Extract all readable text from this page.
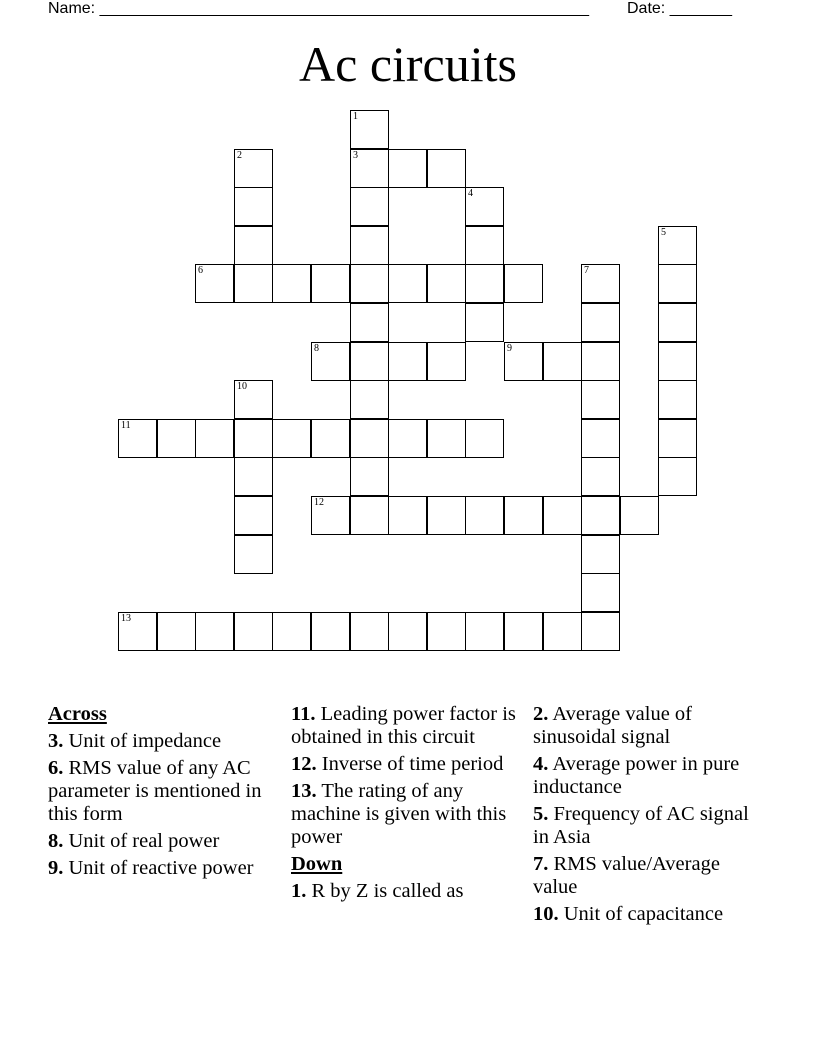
Name: _______________________________________________________ Date: _______
Ac circuits
1
2	3
4
5
6	7
8	9
10
11
12
13
Across
3. Unit of impedance
6. RMS value of any AC parameter is mentioned in this form
8. Unit of real power
9. Unit of reactive power
11. Leading power factor is obtained in this circuit
12. Inverse of time period
13. The rating of any machine is given with this power
Down
1. R by Z is called as
2. Average value of sinusoidal signal
4. Average power in pure inductance
5. Frequency of AC signal in Asia
7. RMS value/Average value
10. Unit of capacitance
